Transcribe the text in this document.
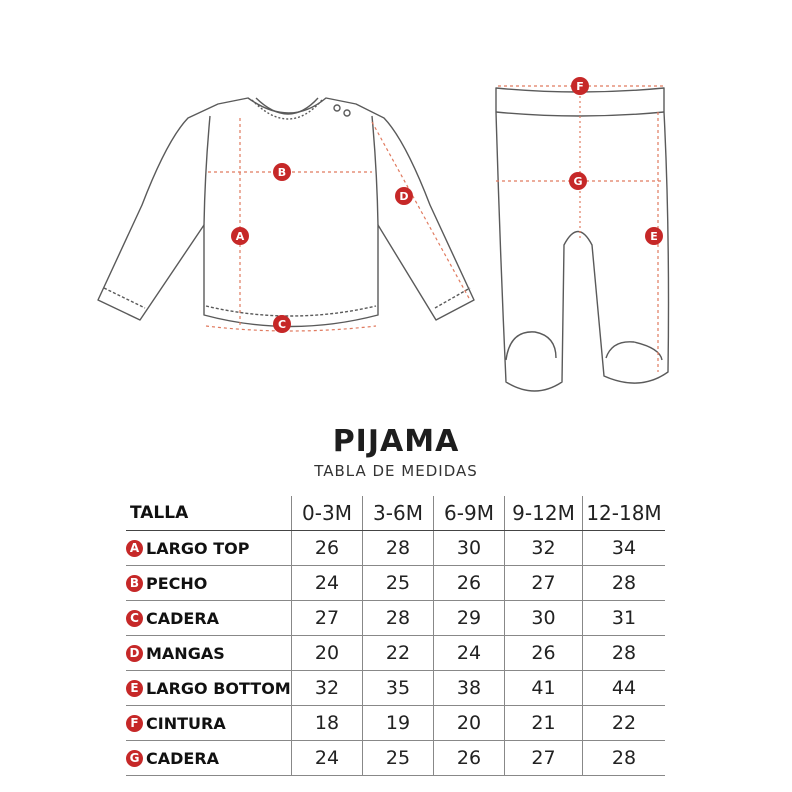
A
B
C
D
E
F
G
PIJAMA
TABLA DE MEDIDAS
TALLA	0-3M	3-6M	6-9M	9-12M	12-18M
A LARGO TOP	26	28	30	32	34
B PECHO	24	25	26	27	28
C CADERA	27	28	29	30	31
D MANGAS	20	22	24	26	28
E LARGO BOTTOM	32	35	38	41	44
F CINTURA	18	19	20	21	22
G CADERA	24	25	26	27	28
